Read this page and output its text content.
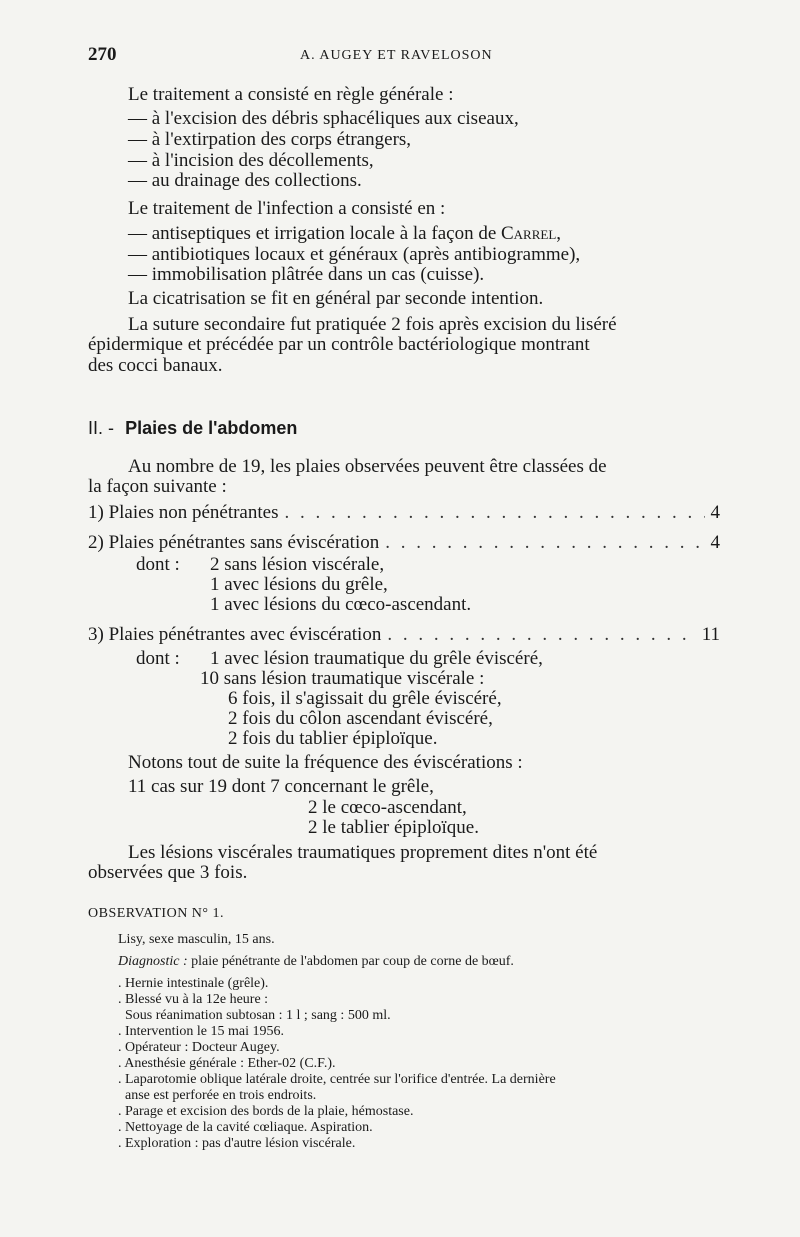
270	A. AUGEY ET RAVELOSON
Le traitement a consisté en règle générale :
— à l'excision des débris sphacéliques aux ciseaux,
— à l'extirpation des corps étrangers,
— à l'incision des décollements,
— au drainage des collections.
Le traitement de l'infection a consisté en :
— antiseptiques et irrigation locale à la façon de Carrel,
— antibiotiques locaux et généraux (après antibiogramme),
— immobilisation plâtrée dans un cas (cuisse).
La cicatrisation se fit en général par seconde intention.
La suture secondaire fut pratiquée 2 fois après excision du liséré
épidermique et précédée par un contrôle bactériologique montrant
des cocci banaux.
II. - Plaies de l'abdomen
Au nombre de 19, les plaies observées peuvent être classées de
la façon suivante :
1) Plaies non pénétrantes . . .	4
2) Plaies pénétrantes sans éviscération . . .	4
dont : 2 sans lésion viscérale,
1 avec lésions du grêle,
1 avec lésions du cœco-ascendant.
3) Plaies pénétrantes avec éviscération . . .	11
dont : 1 avec lésion traumatique du grêle éviscéré,
10 sans lésion traumatique viscérale :
6 fois, il s'agissait du grêle éviscéré,
2 fois du côlon ascendant éviscéré,
2 fois du tablier épiploïque.
Notons tout de suite la fréquence des éviscérations :
11 cas sur 19 dont 7 concernant le grêle,
2 le cœco-ascendant,
2 le tablier épiploïque.
Les lésions viscérales traumatiques proprement dites n'ont été
observées que 3 fois.
OBSERVATION N° 1.
Lisy, sexe masculin, 15 ans.
Diagnostic : plaie pénétrante de l'abdomen par coup de corne de bœuf.
. Hernie intestinale (grêle).
. Blessé vu à la 12e heure :
Sous réanimation subtosan : 1 l ; sang : 500 ml.
. Intervention le 15 mai 1956.
. Opérateur : Docteur Augey.
. Anesthésie générale : Ether-02 (C.F.).
. Laparotomie oblique latérale droite, centrée sur l'orifice d'entrée. La dernière
anse est perforée en trois endroits.
. Parage et excision des bords de la plaie, hémostase.
. Nettoyage de la cavité cœliaque. Aspiration.
. Exploration : pas d'autre lésion viscérale.
